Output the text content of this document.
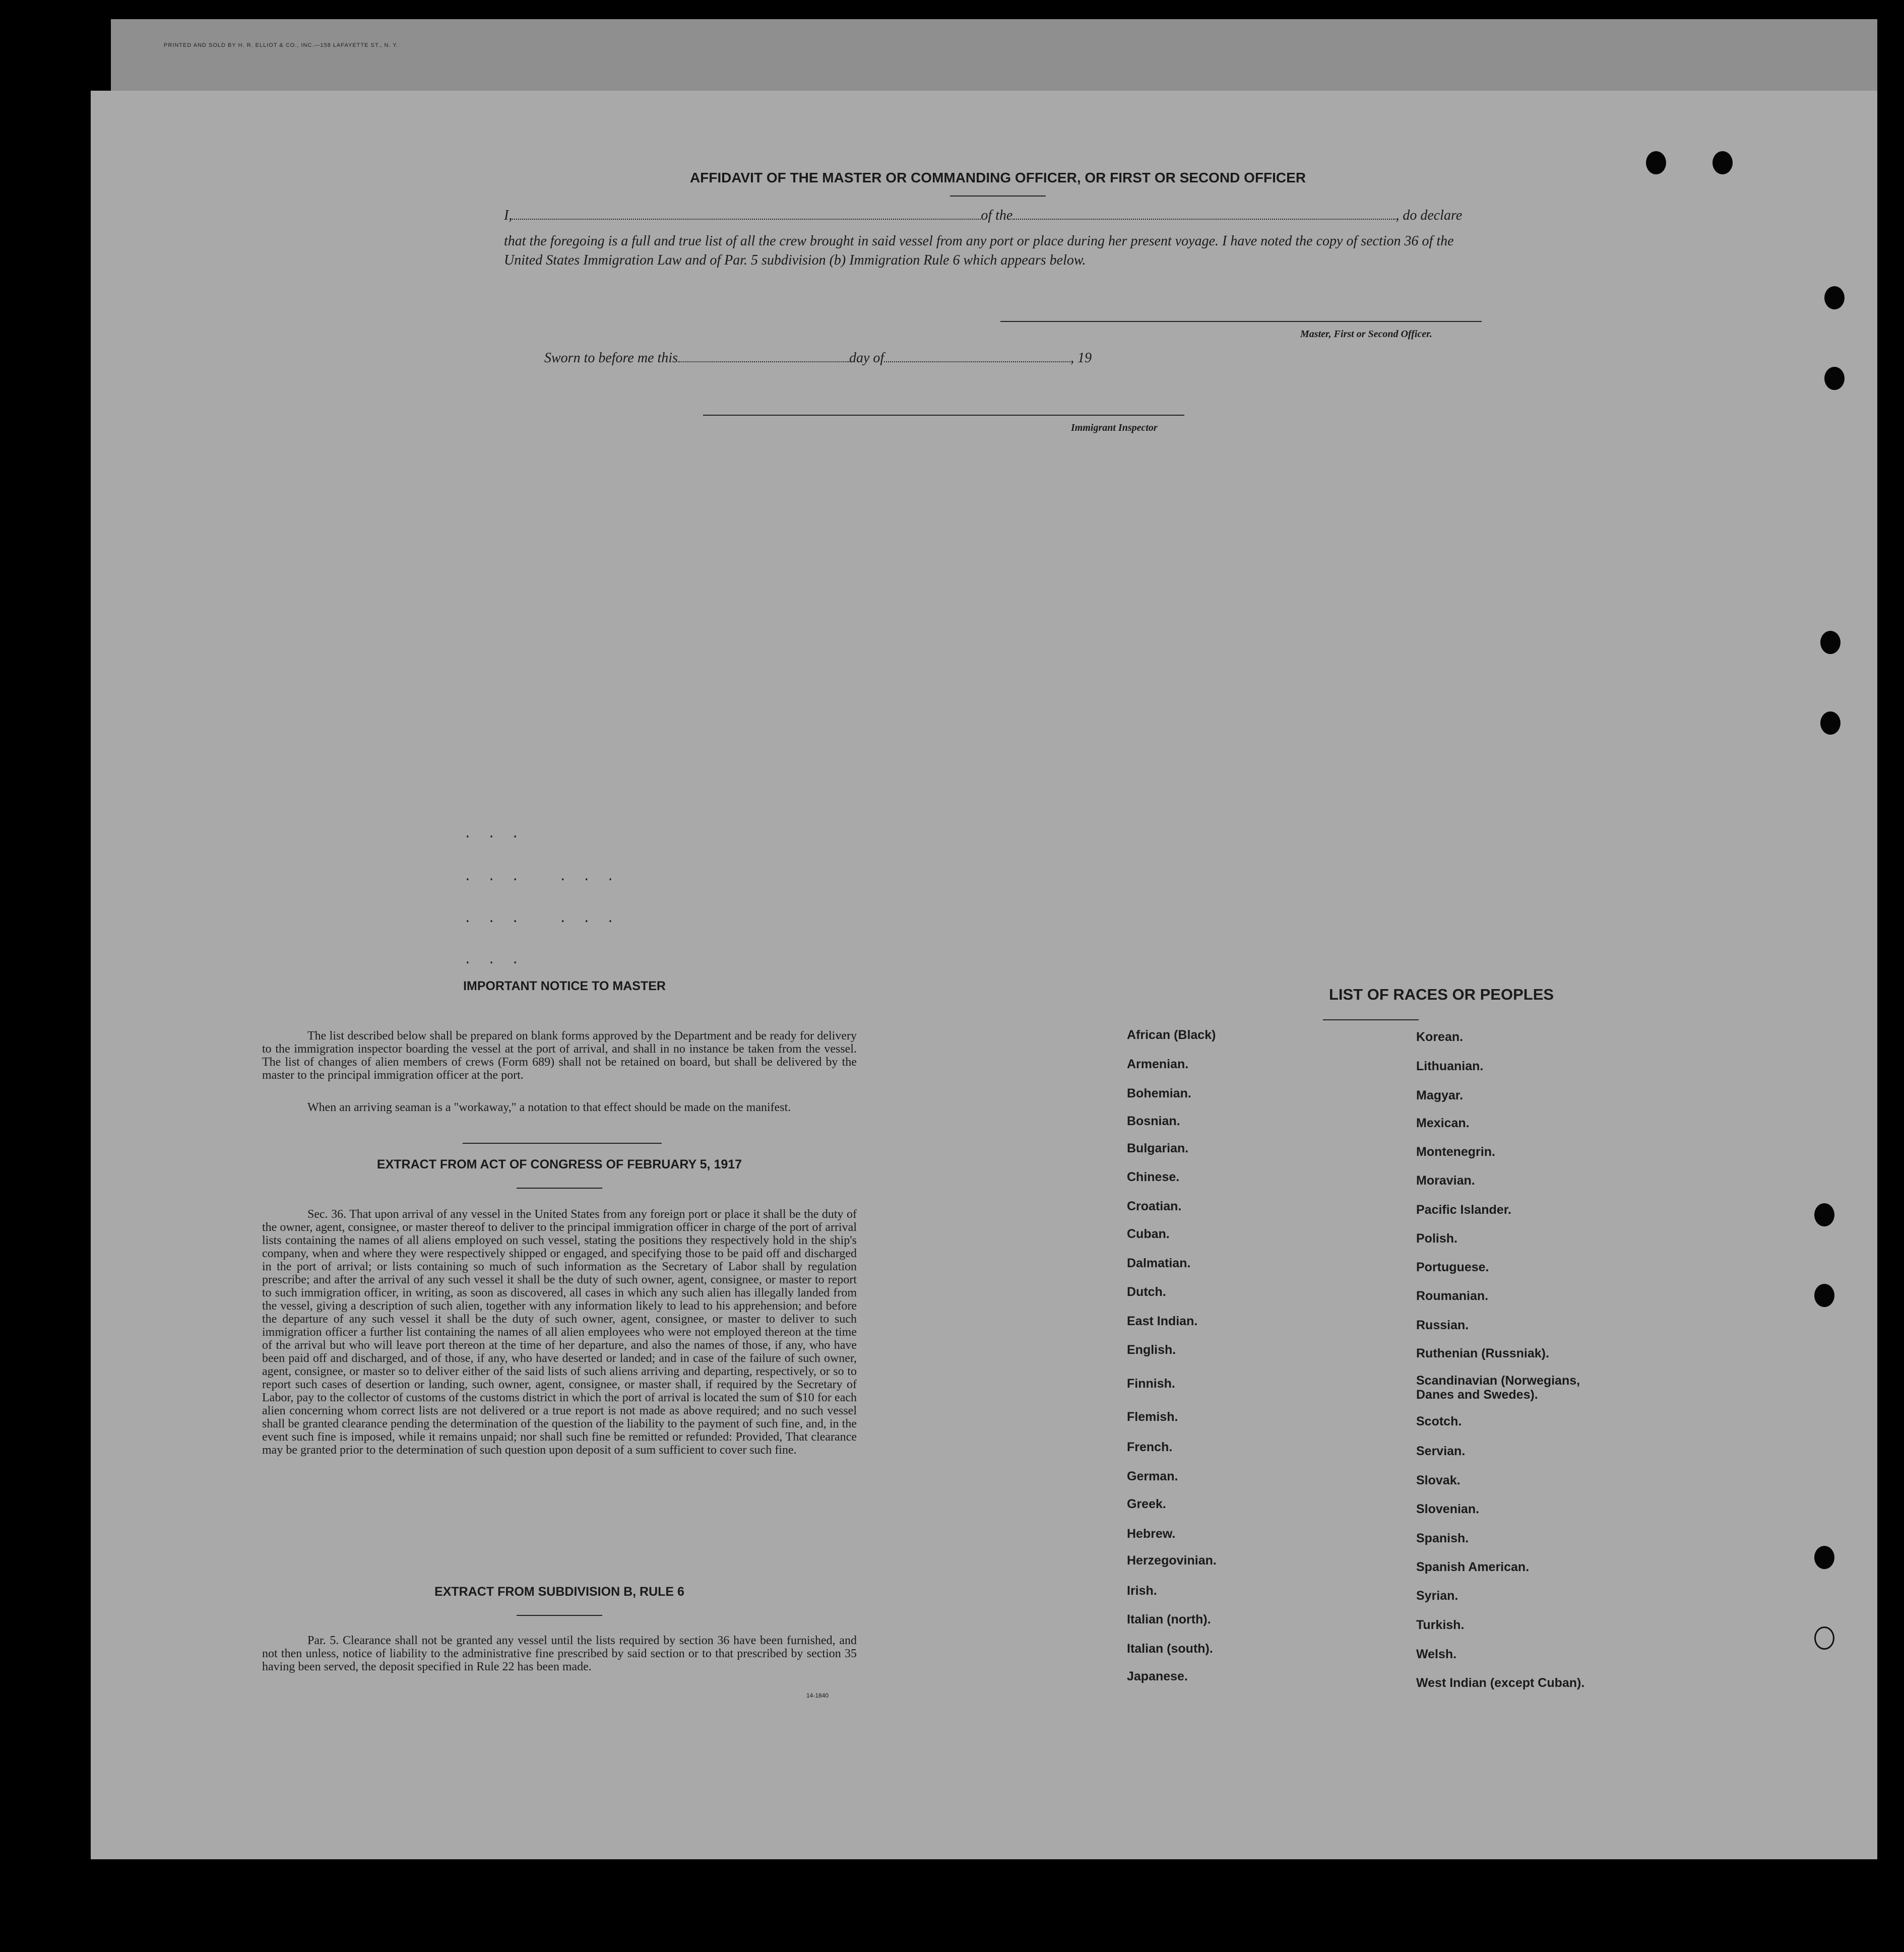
PRINTED AND SOLD BY H. R. ELLIOT & CO., INC.—158 LAFAYETTE ST., N. Y.

AFFIDAVIT OF THE MASTER OR COMMANDING OFFICER, OR FIRST OR SECOND OFFICER

I,	of the	, do declare

that the foregoing is a full and true list of all the crew brought in said vessel from any port or place during her present voyage. I have noted the copy of section 36 of the United States Immigration Law and of Par. 5 subdivision (b) Immigration Rule 6 which appears below.

Master, First or Second Officer.

Sworn to before me this	day of	, 19

Immigrant Inspector

. . .
. . .   . . .
. . .   . . .
. . .

IMPORTANT NOTICE TO MASTER

The list described below shall be prepared on blank forms approved by the Department and be ready for delivery to the immigration inspector boarding the vessel at the port of arrival, and shall in no instance be taken from the vessel. The list of changes of alien members of crews (Form 689) shall not be retained on board, but shall be delivered by the master to the principal immigration officer at the port.

When an arriving seaman is a "workaway," a notation to that effect should be made on the manifest.

EXTRACT FROM ACT OF CONGRESS OF FEBRUARY 5, 1917

Sec. 36. That upon arrival of any vessel in the United States from any foreign port or place it shall be the duty of the owner, agent, consignee, or master thereof to deliver to the principal immigration officer in charge of the port of arrival lists containing the names of all aliens employed on such vessel, stating the positions they respectively hold in the ship's company, when and where they were respectively shipped or engaged, and specifying those to be paid off and discharged in the port of arrival; or lists containing so much of such information as the Secretary of Labor shall by regulation prescribe; and after the arrival of any such vessel it shall be the duty of such owner, agent, consignee, or master to report to such immigration officer, in writing, as soon as discovered, all cases in which any such alien has illegally landed from the vessel, giving a description of such alien, together with any information likely to lead to his apprehension; and before the departure of any such vessel it shall be the duty of such owner, agent, consignee, or master to deliver to such immigration officer a further list containing the names of all alien employees who were not employed thereon at the time of the arrival but who will leave port thereon at the time of her departure, and also the names of those, if any, who have been paid off and discharged, and of those, if any, who have deserted or landed; and in case of the failure of such owner, agent, consignee, or master so to deliver either of the said lists of such aliens arriving and departing, respectively, or so to report such cases of desertion or landing, such owner, agent, consignee, or master shall, if required by the Secretary of Labor, pay to the collector of customs of the customs district in which the port of arrival is located the sum of $10 for each alien concerning whom correct lists are not delivered or a true report is not made as above required; and no such vessel shall be granted clearance pending the determination of the question of the liability to the payment of such fine, and, in the event such fine is imposed, while it remains unpaid; nor shall such fine be remitted or refunded: Provided, That clearance may be granted prior to the determination of such question upon deposit of a sum sufficient to cover such fine.

EXTRACT FROM SUBDIVISION B, RULE 6

Par. 5. Clearance shall not be granted any vessel until the lists required by section 36 have been furnished, and not then unless, notice of liability to the administrative fine prescribed by said section or to that prescribed by section 35 having been served, the deposit specified in Rule 22 has been made.

14-1840

LIST OF RACES OR PEOPLES

African (Black)
Armenian.
Bohemian.
Bosnian.
Bulgarian.
Chinese.
Croatian.
Cuban.
Dalmatian.
Dutch.
East Indian.
English.
Finnish.
Flemish.
French.
German.
Greek.
Hebrew.
Herzegovinian.
Irish.
Italian (north).
Italian (south).
Japanese.
Korean.
Lithuanian.
Magyar.
Mexican.
Montenegrin.
Moravian.
Pacific Islander.
Polish.
Portuguese.
Roumanian.
Russian.
Ruthenian (Russniak).
Scandinavian (Norwegians, Danes and Swedes).
Scotch.
Servian.
Slovak.
Slovenian.
Spanish.
Spanish American.
Syrian.
Turkish.
Welsh.
West Indian (except Cuban).
